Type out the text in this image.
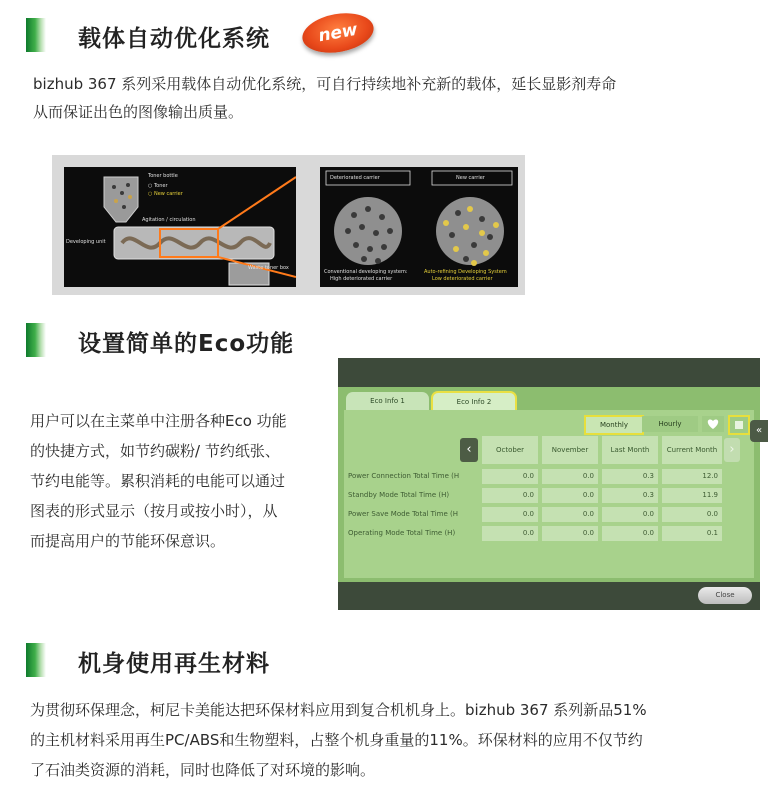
载体自动优化系统	new
bizhub 367 系列采用载体自动优化系统，可自行持续地补充新的载体，延长显影剂寿命
从而保证出色的图像输出质量。
Toner bottle
○ Toner
○ New carrier
Agitation / circulation
Developing unit
Waste toner box
Deteriorated carrier	New carrier
Conventional developing system:
High deteriorated carrier
Auto-refining Developing System
Low deteriorated carrier
设置简单的Eco功能
用户可以在主菜单中注册各种Eco 功能
的快捷方式，如节约碳粉/ 节约纸张、
节约电能等。累积消耗的电能可以通过
图表的形式显示（按月或按小时），从
而提高用户的节能环保意识。
Eco Info 1	Eco Info 2
Monthly	Hourly
«
‹	›
October	November	Last Month	Current Month
Power Connection Total Time (H	0.0	0.0	0.3	12.0
Standby Mode Total Time (H)	0.0	0.0	0.3	11.9
Power Save Mode Total Time (H	0.0	0.0	0.0	0.0
Operating Mode Total Time (H)	0.0	0.0	0.0	0.1
Close
机身使用再生材料
为贯彻环保理念，柯尼卡美能达把环保材料应用到复合机机身上。bizhub 367 系列新品51%
的主机材料采用再生PC/ABS和生物塑料，占整个机身重量的11%。环保材料的应用不仅节约
了石油类资源的消耗，同时也降低了对环境的影响。
